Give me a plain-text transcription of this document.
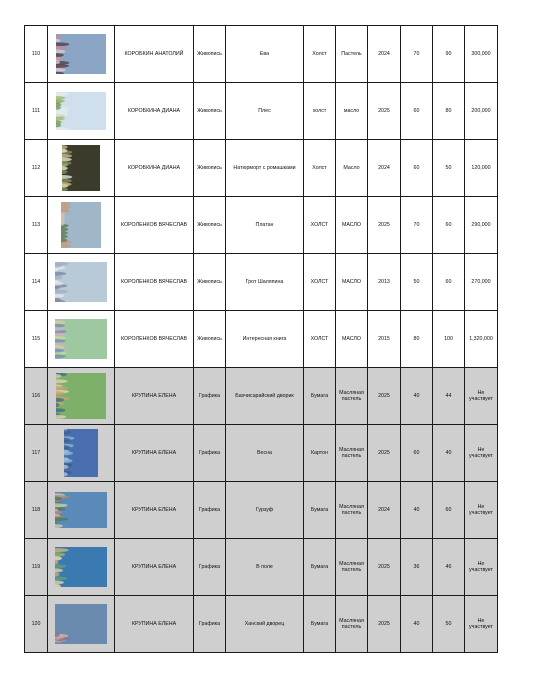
110		КОРОБКИН АНАТОЛИЙ	Живопись	Ева	Холст	Пастель	2024	70	90	300,000
111		КОРОБКИНА ДИАНА	Живопись	Плес	холст	масло	2025	60	80	200,000
112		КОРОБКИНА ДИАНА	Живопись	Натюрморт с ромашками	Холст	Масло	2024	60	50	120,000
113		КОРОЛЕНКОВ ВЯЧЕСЛАВ	Живопись	Платан	ХОЛСТ	МАСЛО	2025	70	60	290,000
114		КОРОЛЕНКОВ ВЯЧЕСЛАВ	Живопись	Грот Шаляпина	ХОЛСТ	МАСЛО	2013	50	60	270,000
115		КОРОЛЕНКОВ ВЯЧЕСЛАВ	Живопись	Интересная книга	ХОЛСТ	МАСЛО	2015	80	100	1,320,000
116		КРУПИНА ЕЛЕНА	Графика	Бахчисарайский дворик	Бумага	Масляная пастель	2025	40	44	Не участвует
117		КРУПИНА ЕЛЕНА	Графика	Весна	Картон	Масляная пастель	2025	60	40	Не участвует
118		КРУПИНА ЕЛЕНА	Графика	Гурзуф	Бумага	Масляная пастель	2024	40	60	Не участвует
119		КРУПИНА ЕЛЕНА	Графика	В поле	Бумага	Масляная пастель	2025	36	46	Не участвует
120		КРУПИНА ЕЛЕНА	Графика	Ханский дворец	Бумага	Масляная пастель	2025	40	50	Не участвует
